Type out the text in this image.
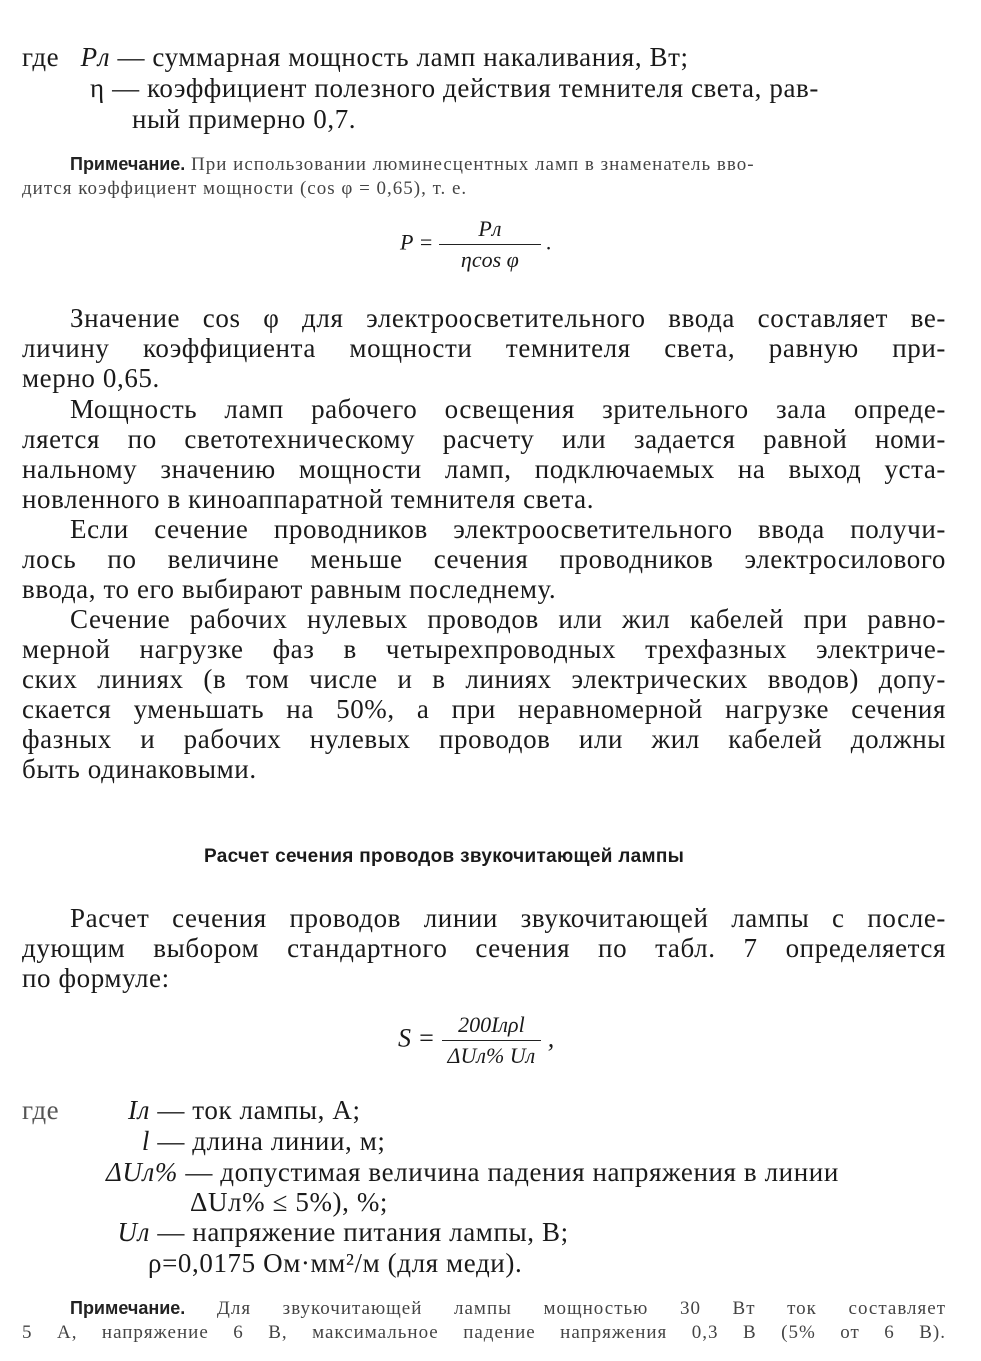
где Pл — суммарная мощность ламп накаливания, Вт;
η — коэффициент полезного действия темнителя света, рав-
ный примерно 0,7.
Примечание. При использовании люминесцентных ламп в знаменатель вво-
дится коэффициент мощности (cos φ = 0,65), т. е.
$P = \frac{Pл}{\text{ηcos φ}}$ .
Значение cos φ для электроосветительного ввода составляет ве-
личину коэффициента мощности темнителя света, равную при-
мерно 0,65.
Мощность ламп рабочего освещения зрительного зала опреде-
ляется по светотехническому расчету или задается равной номи-
нальному значению мощности ламп, подключаемых на выход уста-
новленного в киноаппаратной темнителя света.
Если сечение проводников электроосветительного ввода получи-
лось по величине меньше сечения проводников электросилового
ввода, то его выбирают равным последнему.
Сечение рабочих нулевых проводов или жил кабелей при равно-
мерной нагрузке фаз в четырехпроводных трехфазных электриче-
ских линиях (в том числе и в линиях электрических вводов) допу-
скается уменьшать на 50%, а при неравномерной нагрузке сечения
фазных и рабочих нулевых проводов или жил кабелей должны
быть одинаковыми.
Расчет сечения проводов звукочитающей лампы
Расчет сечения проводов линии звукочитающей лампы с после-
дующим выбором стандартного сечения по табл. 7 определяется
по формуле:
$S = \frac{\text{200Iлρl}}{\text{ΔUл\% Uл}}$ ,
где	Iл — ток лампы, А;
l — длина линии, м;
ΔUл% — допустимая величина падения напряжения в линии
ΔUл% ≤ 5%), %;
Uл — напряжение питания лампы, В;
ρ=0,0175 Ом·мм²/м (для меди).
Примечание. Для звукочитающей лампы мощностью 30 Вт ток составляет
5 А, напряжение 6 В, максимальное падение напряжения 0,3 В (5% от 6 В).
